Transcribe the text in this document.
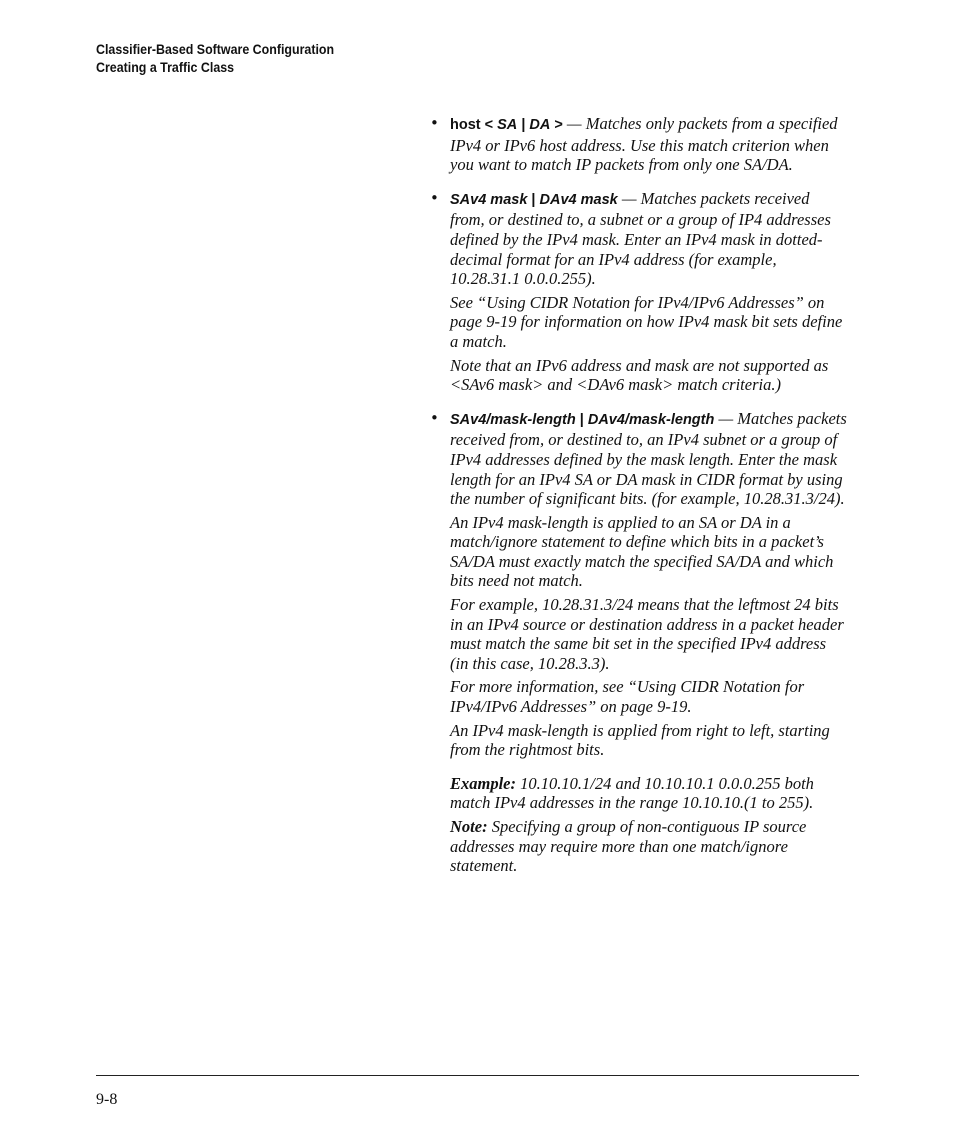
Classifier-Based Software Configuration
Creating a Traffic Class
• host < SA | DA > — Matches only packets from a specified IPv4 or IPv6 host address. Use this match criterion when you want to match IP packets from only one SA/DA.
• SAv4 mask | DAv4 mask — Matches packets received from, or destined to, a subnet or a group of IP4 addresses defined by the IPv4 mask. Enter an IPv4 mask in dotted-decimal format for an IPv4 address (for example, 10.28.31.1 0.0.0.255).
See “Using CIDR Notation for IPv4/IPv6 Addresses” on page 9-19 for information on how IPv4 mask bit sets define a match.
Note that an IPv6 address and mask are not supported as <SAv6 mask> and <DAv6 mask> match criteria.)
• SAv4/mask-length | DAv4/mask-length — Matches packets received from, or destined to, an IPv4 subnet or a group of IPv4 addresses defined by the mask length. Enter the mask length for an IPv4 SA or DA mask in CIDR format by using the number of significant bits. (for example, 10.28.31.3/24).
An IPv4 mask-length is applied to an SA or DA in a match/ignore statement to define which bits in a packet’s SA/DA must exactly match the specified SA/DA and which bits need not match.
For example, 10.28.31.3/24 means that the leftmost 24 bits in an IPv4 source or destination address in a packet header must match the same bit set in the specified IPv4 address (in this case, 10.28.3.3).
For more information, see “Using CIDR Notation for IPv4/IPv6 Addresses” on page 9-19.
An IPv4 mask-length is applied from right to left, starting from the rightmost bits.
Example: 10.10.10.1/24 and 10.10.10.1 0.0.0.255 both match IPv4 addresses in the range 10.10.10.(1 to 255).
Note: Specifying a group of non-contiguous IP source addresses may require more than one match/ignore statement.
9-8
